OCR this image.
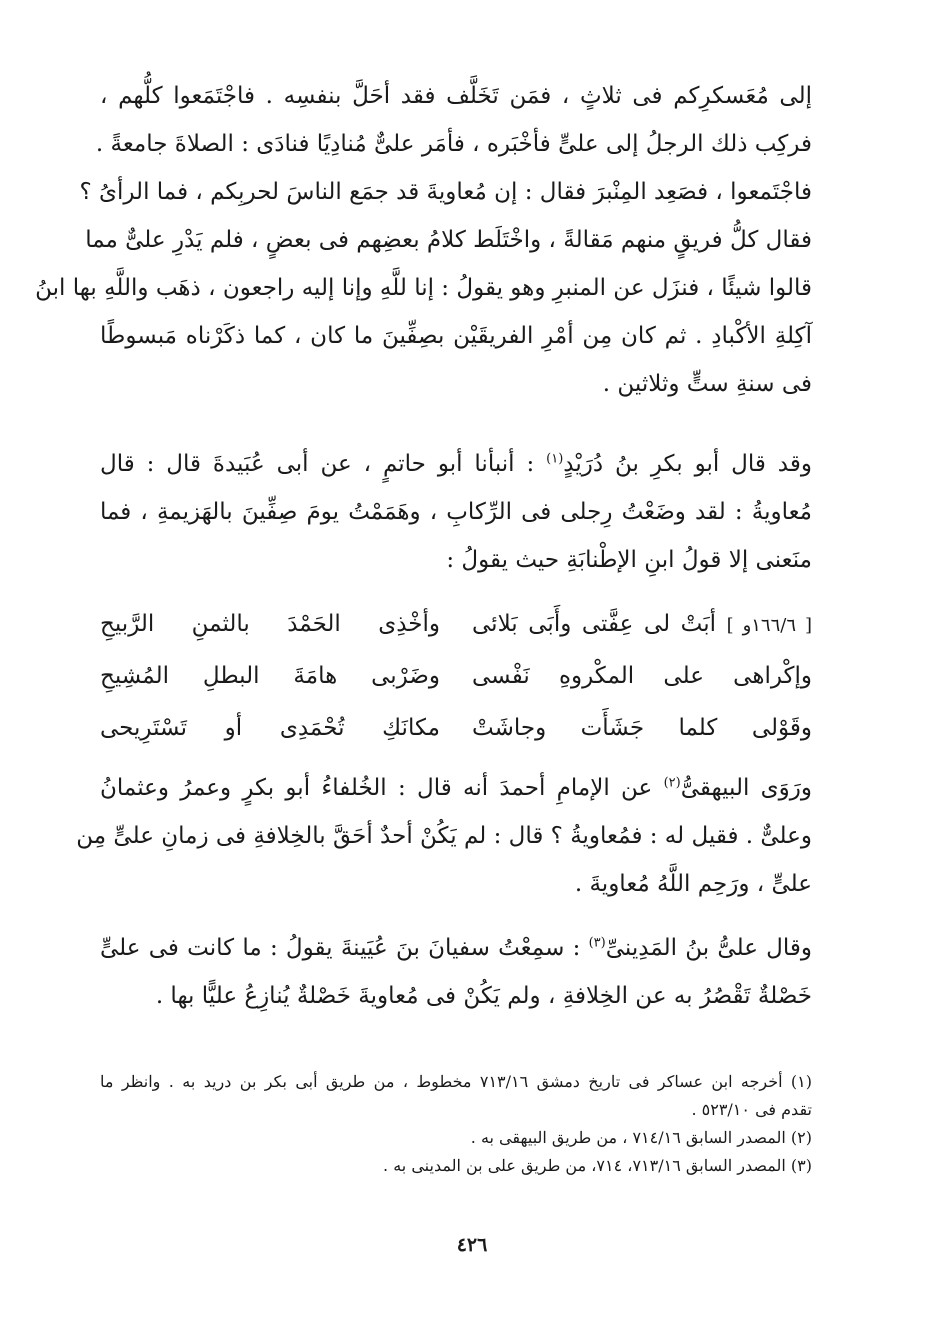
إلى مُعَسكرِكم فى ثلاثٍ ، فمَن تَخَلَّف فقد أحَلَّ بنفسِه . فاجْتَمَعوا كلُّهم ،
فركِب ذلك الرجلُ إلى علىٍّ فأخْبَره ، فأمَر علىٌّ مُنادِيًا فنادَى : الصلاةَ جامعةً .
فاجْتَمعوا ، فصَعِد المِنْبرَ فقال : إن مُعاويةَ قد جمَع الناسَ لحربِكم ، فما الرأىُ ؟
فقال كلُّ فريقٍ منهم مَقالةً ، واخْتَلَط كلامُ بعضِهم فى بعضٍ ، فلم يَدْرِ علىٌّ مما
قالوا شيئًا ، فنزَل عن المنبرِ وهو يقولُ : إنا للَّهِ وإنا إليه راجعون ، ذهَب واللَّهِ بها ابنُ
آكِلةِ الأكْبادِ . ثم كان مِن أمْرِ الفريقَيْن بصِفِّينَ ما كان ، كما ذكَرْناه مَبسوطًا
فى سنةِ ستٍّ وثلاثين .
وقد قال أبو بكرِ بنُ دُرَيْدٍ$^{(١)}$ : أنبأنا أبو حاتمٍ ، عن أبى عُبَيدةَ قال : قال
مُعاويةُ : لقد وضَعْتُ رِجلى فى الرِّكابِ ، وهَمَمْتُ يومَ صِفِّينَ بالهَزيمةِ ، فما
منَعنى إلا قولُ ابنِ الإطْنابَةِ حيث يقولُ :
[ ١٦٦/٦و ] أبَتْ لى عِفَّتى وأَبَى بَلائى
وأخْذِى الحَمْدَ بالثمنِ الرَّبيحِ
وإكْراهى على المكْروهِ نَفْسى
وضَرْبى هامَةَ البطلِ المُشِيحِ
وقَوْلى كلما جَشَأَت وجاشَتْ
مكانَكِ تُحْمَدِى أو تَسْتَرِيحى
ورَوَى البيهقىُّ$^{(٢)}$ عن الإمامِ أحمدَ أنه قال : الخُلفاءُ أبو بكرٍ وعمرُ وعثمانُ
وعلىٌّ . فقيل له : فمُعاويةُ ؟ قال : لم يَكُنْ أحدٌ أحَقَّ بالخِلافةِ فى زمانِ علىٍّ مِن
علىٍّ ، ورَحِم اللَّهُ مُعاويةَ .
وقال علىُّ بنُ المَدِينىِّ$^{(٣)}$ : سمِعْتُ سفيانَ بنَ عُيَينةَ يقولُ : ما كانت فى علىٍّ
خَصْلةٌ تَقْصُرُ به عن الخِلافةِ ، ولم يَكُنْ فى مُعاويةَ خَصْلةٌ يُنازِعُ عليًّا بها .
(١) أخرجه ابن عساكر فى تاريخ دمشق ٧١٣/١٦ مخطوط ، من طريق أبى بكر بن دريد به . وانظر ما
تقدم فى ٥٢٣/١٠ .
(٢) المصدر السابق ٧١٤/١٦ ، من طريق البيهقى به .
(٣) المصدر السابق ٧١٣/١٦، ٧١٤، من طريق على بن المدينى به .
٤٢٦
